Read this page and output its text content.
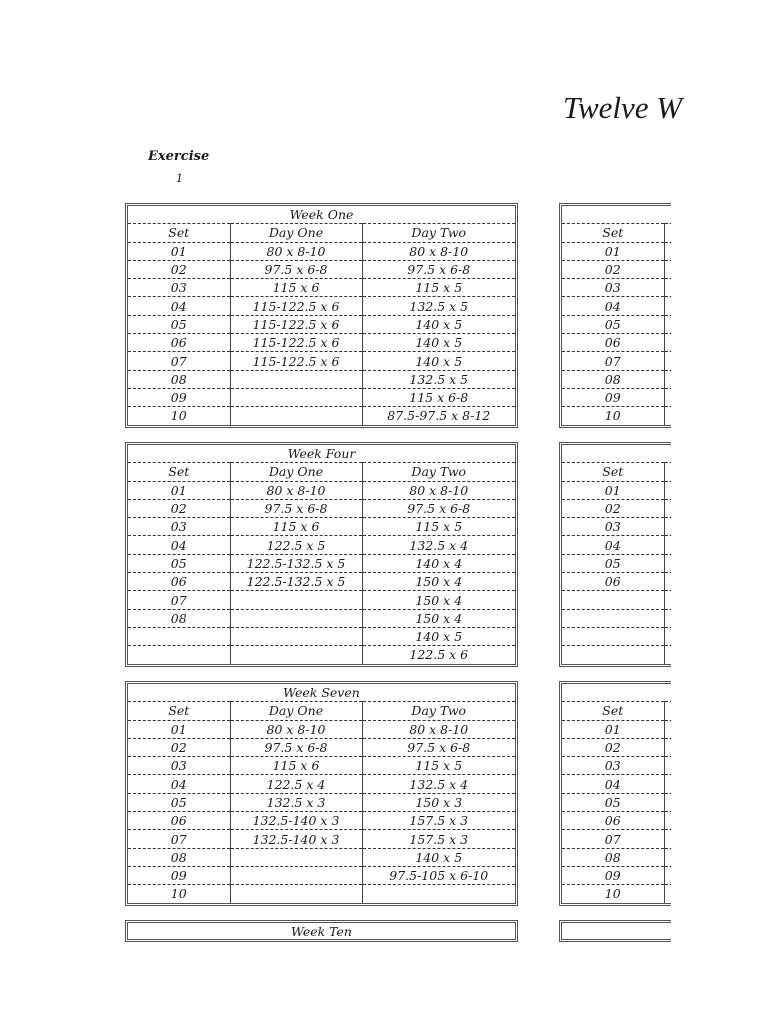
Twelve W
Exercise
1
Week One		
Set	Day One	Day Two
01	80 x 8-10	80 x 8-10
02	97.5 x 6-8	97.5 x 6-8
03	115 x 6	115 x 5
04	115-122.5 x 6	132.5 x 5
05	115-122.5 x 6	140 x 5
06	115-122.5 x 6	140 x 5
07	115-122.5 x 6	140 x 5
08		132.5 x 5
09		115 x 6-8
10		87.5-97.5 x 8-12
Week Four		
Set	Day One	Day Two
01	80 x 8-10	80 x 8-10
02	97.5 x 6-8	97.5 x 6-8
03	115 x 6	115 x 5
04	122.5 x 5	132.5 x 4
05	122.5-132.5 x 5	140 x 4
06	122.5-132.5 x 5	150 x 4
07		150 x 4
08		150 x 4
		140 x 5
		122.5 x 6
Week Seven		
Set	Day One	Day Two
01	80 x 8-10	80 x 8-10
02	97.5 x 6-8	97.5 x 6-8
03	115 x 6	115 x 5
04	122.5 x 4	132.5 x 4
05	132.5 x 3	150 x 3
06	132.5-140 x 3	157.5 x 3
07	132.5-140 x 3	157.5 x 3
08		140 x 5
09		97.5-105 x 6-10
10		
Week Ten

Set	
01	
02	
03	
04	
05	
06	
07	
08	
09	
10	

Set	
01	
02	
03	
04	
05	
06	

Set	
01	
02	
03	
04	
05	
06	
07	
08	
09	
10	
